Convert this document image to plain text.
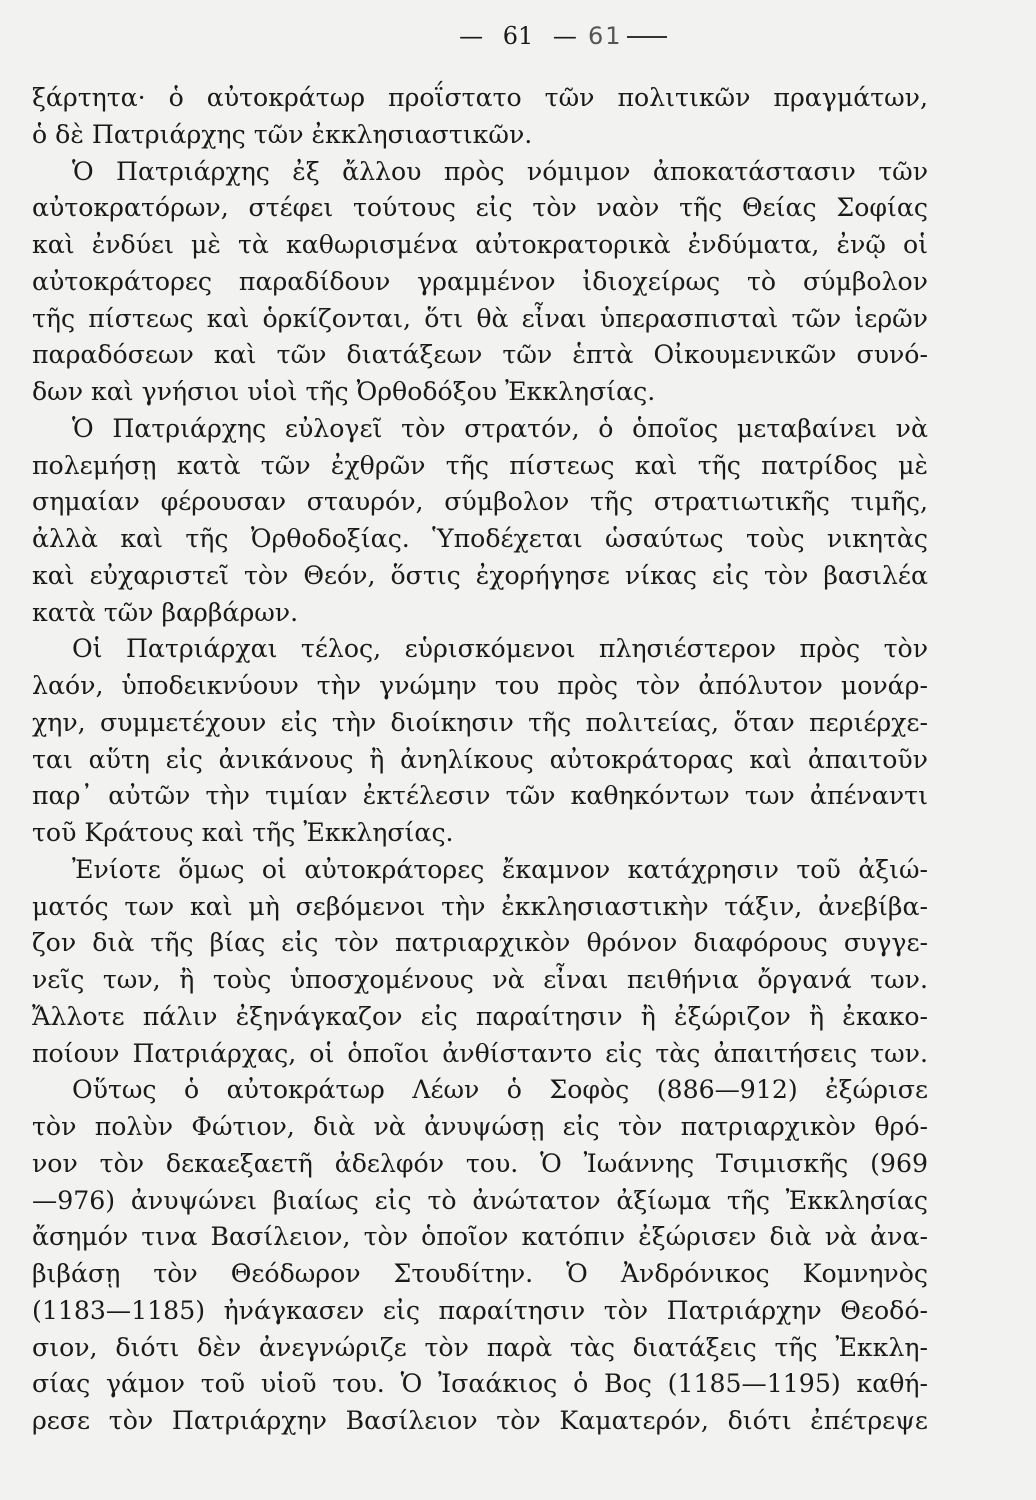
— 61 — 61
ξάρτητα· ὁ αὐτοκράτωρ προΐστατο τῶν πολιτικῶν πραγμάτων,
ὁ δὲ Πατριάρχης τῶν ἐκκλησιαστικῶν.
Ὁ Πατριάρχης ἐξ ἄλλου πρὸς νόμιμον ἀποκατάστασιν τῶν
αὐτοκρατόρων, στέφει τούτους εἰς τὸν ναὸν τῆς Θείας Σοφίας
καὶ ἐνδύει μὲ τὰ καθωρισμένα αὐτοκρατορικὰ ἐνδύματα, ἐνῷ οἱ
αὐτοκράτορες παραδίδουν γραμμένον ἰδιοχείρως τὸ σύμβολον
τῆς πίστεως καὶ ὁρκίζονται, ὅτι θὰ εἶναι ὑπερασπισταὶ τῶν ἱερῶν
παραδόσεων καὶ τῶν διατάξεων τῶν ἑπτὰ Οἰκουμενικῶν συνό-
δων καὶ γνήσιοι υἱοὶ τῆς Ὀρθοδόξου Ἐκκλησίας.
Ὁ Πατριάρχης εὐλογεῖ τὸν στρατόν, ὁ ὁποῖος μεταβαίνει νὰ
πολεμήσῃ κατὰ τῶν ἐχθρῶν τῆς πίστεως καὶ τῆς πατρίδος μὲ
σημαίαν φέρουσαν σταυρόν, σύμβολον τῆς στρατιωτικῆς τιμῆς,
ἀλλὰ καὶ τῆς Ὀρθοδοξίας. Ὑποδέχεται ὡσαύτως τοὺς νικητὰς
καὶ εὐχαριστεῖ τὸν Θεόν, ὅστις ἐχορήγησε νίκας εἰς τὸν βασιλέα
κατὰ τῶν βαρβάρων.
Οἱ Πατριάρχαι τέλος, εὑρισκόμενοι πλησιέστερον πρὸς τὸν
λαόν, ὑποδεικνύουν τὴν γνώμην του πρὸς τὸν ἀπόλυτον μονάρ-
χην, συμμετέχουν εἰς τὴν διοίκησιν τῆς πολιτείας, ὅταν περιέρχε-
ται αὕτη εἰς ἀνικάνους ἢ ἀνηλίκους αὐτοκράτορας καὶ ἀπαιτοῦν
παρ᾽ αὐτῶν τὴν τιμίαν ἐκτέλεσιν τῶν καθηκόντων των ἀπέναντι
τοῦ Κράτους καὶ τῆς Ἐκκλησίας.
Ἐνίοτε ὅμως οἱ αὐτοκράτορες ἔκαμνον κατάχρησιν τοῦ ἀξιώ-
ματός των καὶ μὴ σεβόμενοι τὴν ἐκκλησιαστικὴν τάξιν, ἀνεβίβα-
ζον διὰ τῆς βίας εἰς τὸν πατριαρχικὸν θρόνον διαφόρους συγγε-
νεῖς των, ἢ τοὺς ὑποσχομένους νὰ εἶναι πειθήνια ὄργανά των.
Ἄλλοτε πάλιν ἐξηνάγκαζον εἰς παραίτησιν ἢ ἐξώριζον ἢ ἐκακο-
ποίουν Πατριάρχας, οἱ ὁποῖοι ἀνθίσταντο εἰς τὰς ἀπαιτήσεις των.
Οὕτως ὁ αὐτοκράτωρ Λέων ὁ Σοφὸς (886—912) ἐξώρισε
τὸν πολὺν Φώτιον, διὰ νὰ ἀνυψώσῃ εἰς τὸν πατριαρχικὸν θρό-
νον τὸν δεκαεξαετῆ ἀδελφόν του. Ὁ Ἰωάννης Τσιμισκῆς (969
—976) ἀνυψώνει βιαίως εἰς τὸ ἀνώτατον ἀξίωμα τῆς Ἐκκλησίας
ἄσημόν τινα Βασίλειον, τὸν ὁποῖον κατόπιν ἐξώρισεν διὰ νὰ ἀνα-
βιβάσῃ τὸν Θεόδωρον Στουδίτην. Ὁ Ἀνδρόνικος Κομνηνὸς
(1183—1185) ἠνάγκασεν εἰς παραίτησιν τὸν Πατριάρχην Θεοδό-
σιον, διότι δὲν ἀνεγνώριζε τὸν παρὰ τὰς διατάξεις τῆς Ἐκκλη-
σίας γάμον τοῦ υἱοῦ του. Ὁ Ἰσαάκιος ὁ Βος (1185—1195) καθή-
ρεσε τὸν Πατριάρχην Βασίλειον τὸν Καματερόν, διότι ἐπέτρεψε
